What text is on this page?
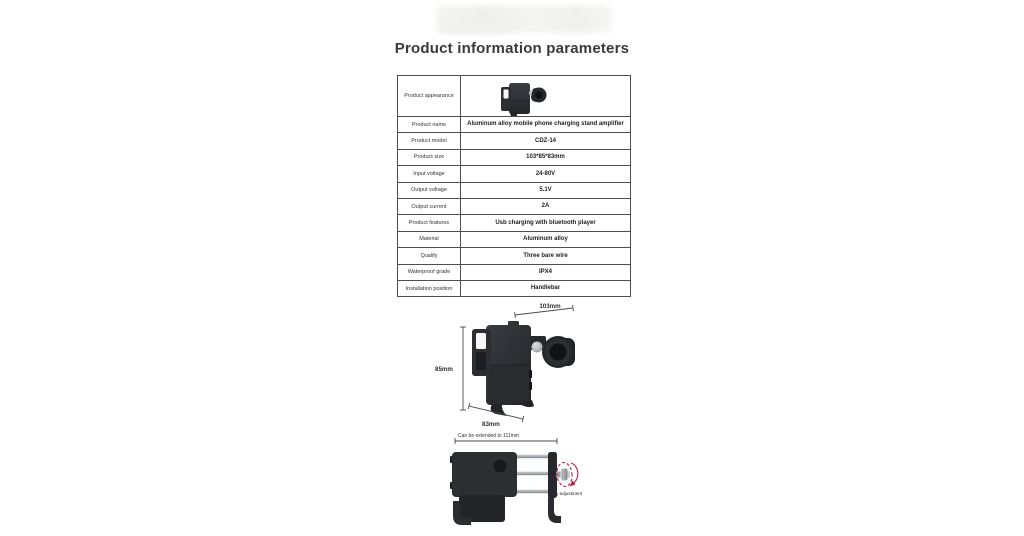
Product information parameters
Product appearance	
Product name	Aluminum alloy mobile phone charging stand amplifier
Product model	CDZ-14
Product size	103*85*83mm
Input voltage	24-80V
Output voltage	5.1V
Output current	2A
Product features	Usb charging with bluetooth player
Material	Aluminum alloy
Qualify	Three bare wire
Waterproof grade	IPX4
Installation position	Handlebar
103mm
85mm
83mm
Can be extended to 111mm
ary adjustment
